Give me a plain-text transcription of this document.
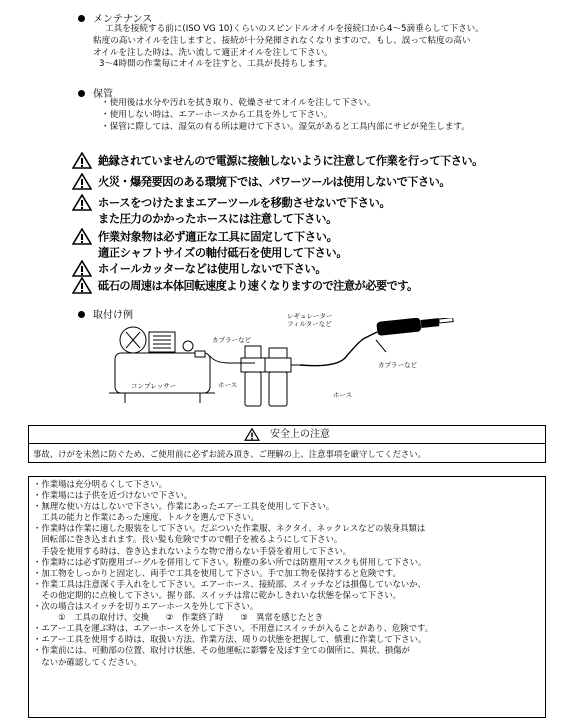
メンテナンス
工具を接続する前に(ISO VG 10)くらいのスピンドルオイルを接続口から4～5滴垂らして下さい。
粘度の高いオイルを注しますと、接続が十分発揮されなくなりますので、もし、誤って粘度の高い
オイルを注した時は、洗い流して適正オイルを注して下さい。
3～4時間の作業毎にオイルを注すと、工具が長持ちします。
保管
・使用後は水分や汚れを拭き取り、乾燥させてオイルを注して下さい。
・使用しない時は、エアーホースから工具を外して下さい。
・保管に際しては、湿気の有る所は避けて下さい。湿気があると工具内部にサビが発生します。
絶縁されていませんので電源に接触しないように注意して作業を行って下さい。
火災・爆発要因のある環境下では、パワーツールは使用しないで下さい。
ホースをつけたままエアーツールを移動させないで下さい。
また圧力のかかったホースには注意して下さい。
作業対象物は必ず適正な工具に固定して下さい。
適正シャフトサイズの軸付砥石を使用して下さい。
ホイールカッターなどは使用しないで下さい。
砥石の周速は本体回転速度より速くなりますので注意が必要です。
取付け例
カプラーなど
レギュレーター
フィルターなど
コンプレッサー	ホース
ホース
カプラーなど
安全上の注意
事故、けがを未然に防ぐため、ご使用前に必ずお読み頂き、ご理解の上、注意事項を厳守してください。
・作業場は充分明るくして下さい。
・作業場には子供を近づけないで下さい。
・無理な使い方はしないで下さい。作業にあったエアー工具を使用して下さい。
　工具の能力と作業にあった速度、トルクを選んで下さい。
・作業時は作業に適した服装をして下さい。だぶついた作業服、ネクタイ、ネックレスなどの装身具類は
　回転部に巻き込まれます。長い髪も危険ですので帽子を被るようにして下さい。
　手袋を使用する時は、巻き込まれないような物で滑らない手袋を着用して下さい。
・作業時には必ず防塵用ゴーグルを併用して下さい。粉塵の多い所では防塵用マスクも併用して下さい。
・加工物をしっかりと固定し、両手で工具を使用して下さい。手で加工物を保持すると危険です。
・作業工具は注意深く手入れをして下さい。エアーホース、接続部、スイッチなどは損傷していないか、
　その他定期的に点検して下さい。握り部、スイッチは常に乾かしきれいな状態を保って下さい。
・次の場合はスイッチを切りエアーホースを外して下さい。
　　　①　工具の取付け、交換　　②　作業終了時　　③　異常を感じたとき
・エアー工具を運ぶ時は、エアーホースを外して下さい。不用意にスイッチが入ることがあり、危険です。
・エアー工具を使用する時は、取扱い方法、作業方法、周りの状態を把握して、慎重に作業して下さい。
・作業前には、可動部の位置、取付け状態、その他運転に影響を及ぼす全ての個所に、異状、損傷が
　ないか確認してください。
